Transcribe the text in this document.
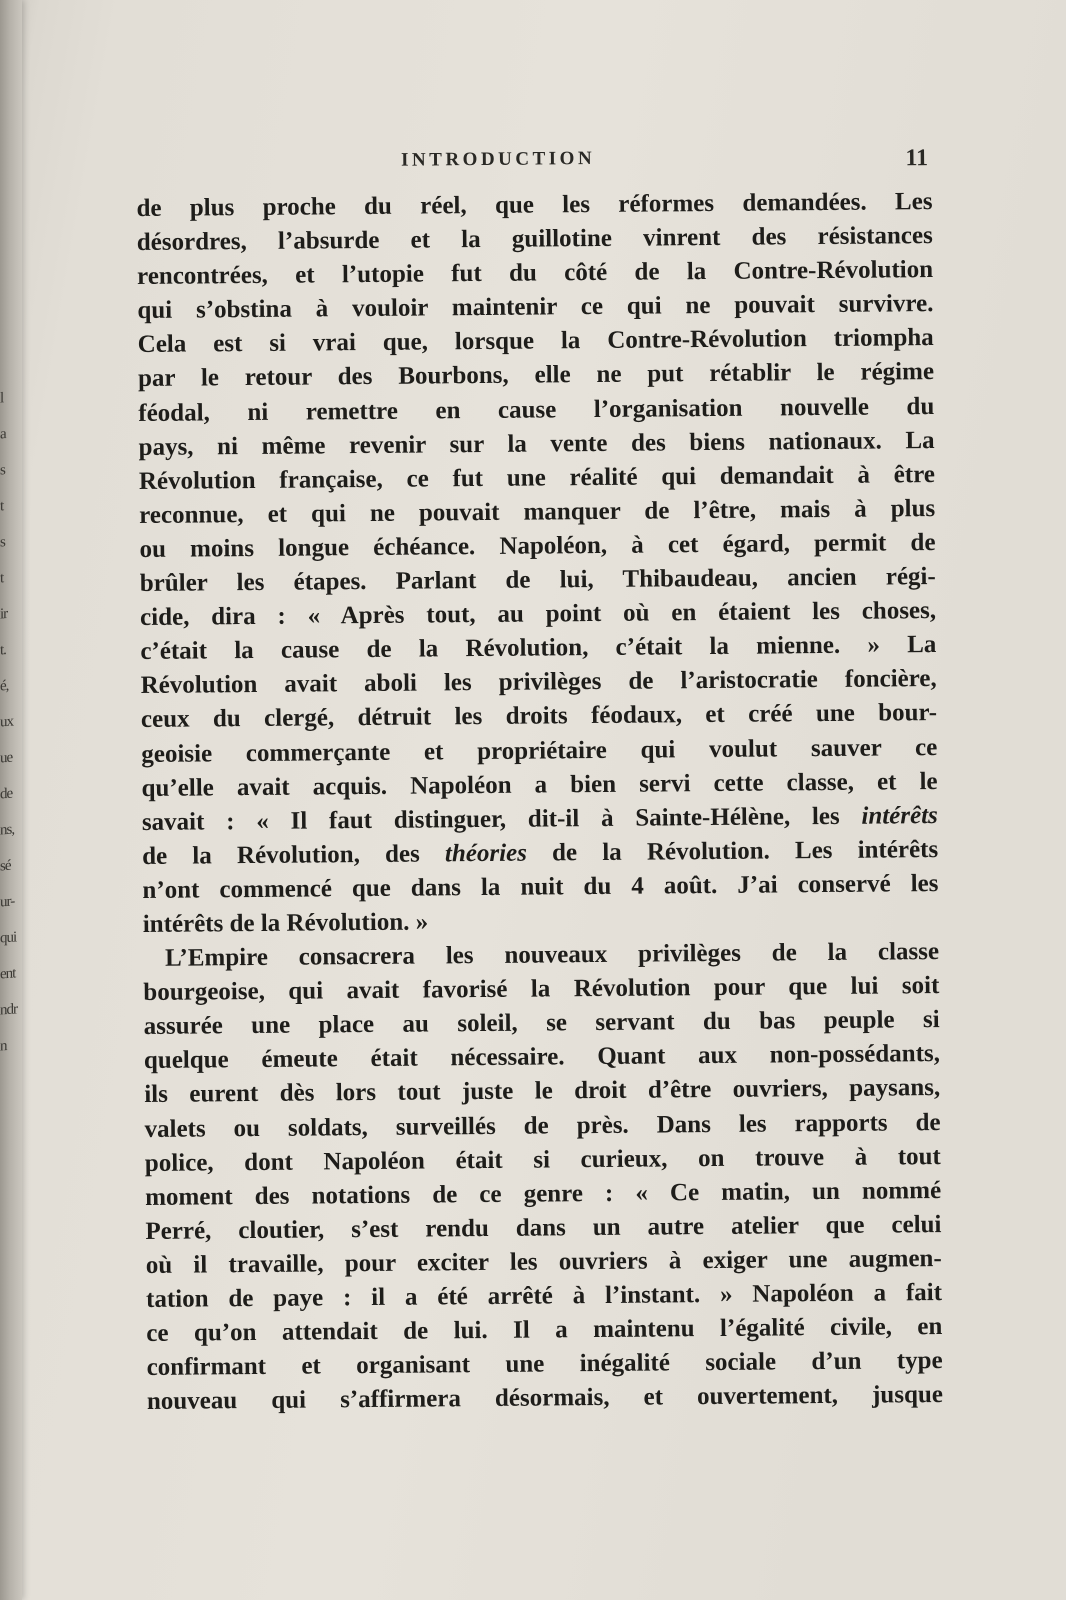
l
a
s
t
s
t
ir
t.
é,
ux
ue
de
ns,
sé
ur-
qui
ent
ndr
n
INTRODUCTION	11
de plus proche du réel, que les réformes demandées. Les
désordres, l’absurde et la guillotine vinrent des résistances
rencontrées, et l’utopie fut du côté de la Contre-Révolution
qui s’obstina à vouloir maintenir ce qui ne pouvait survivre.
Cela est si vrai que, lorsque la Contre-Révolution triompha
par le retour des Bourbons, elle ne put rétablir le régime
féodal, ni remettre en cause l’organisation nouvelle du
pays, ni même revenir sur la vente des biens nationaux. La
Révolution française, ce fut une réalité qui demandait à être
reconnue, et qui ne pouvait manquer de l’être, mais à plus
ou moins longue échéance. Napoléon, à cet égard, permit de
brûler les étapes. Parlant de lui, Thibaudeau, ancien régi-
cide, dira : « Après tout, au point où en étaient les choses,
c’était la cause de la Révolution, c’était la mienne. » La
Révolution avait aboli les privilèges de l’aristocratie foncière,
ceux du clergé, détruit les droits féodaux, et créé une bour-
geoisie commerçante et propriétaire qui voulut sauver ce
qu’elle avait acquis. Napoléon a bien servi cette classe, et le
savait : « Il faut distinguer, dit-il à Sainte-Hélène, les intérêts
de la Révolution, des théories de la Révolution. Les intérêts
n’ont commencé que dans la nuit du 4 août. J’ai conservé les
intérêts de la Révolution. »
L’Empire consacrera les nouveaux privilèges de la classe
bourgeoise, qui avait favorisé la Révolution pour que lui soit
assurée une place au soleil, se servant du bas peuple si
quelque émeute était nécessaire. Quant aux non-possédants,
ils eurent dès lors tout juste le droit d’être ouvriers, paysans,
valets ou soldats, surveillés de près. Dans les rapports de
police, dont Napoléon était si curieux, on trouve à tout
moment des notations de ce genre : « Ce matin, un nommé
Perré, cloutier, s’est rendu dans un autre atelier que celui
où il travaille, pour exciter les ouvriers à exiger une augmen-
tation de paye : il a été arrêté à l’instant. » Napoléon a fait
ce qu’on attendait de lui. Il a maintenu l’égalité civile, en
confirmant et organisant une inégalité sociale d’un type
nouveau qui s’affirmera désormais, et ouvertement, jusque
